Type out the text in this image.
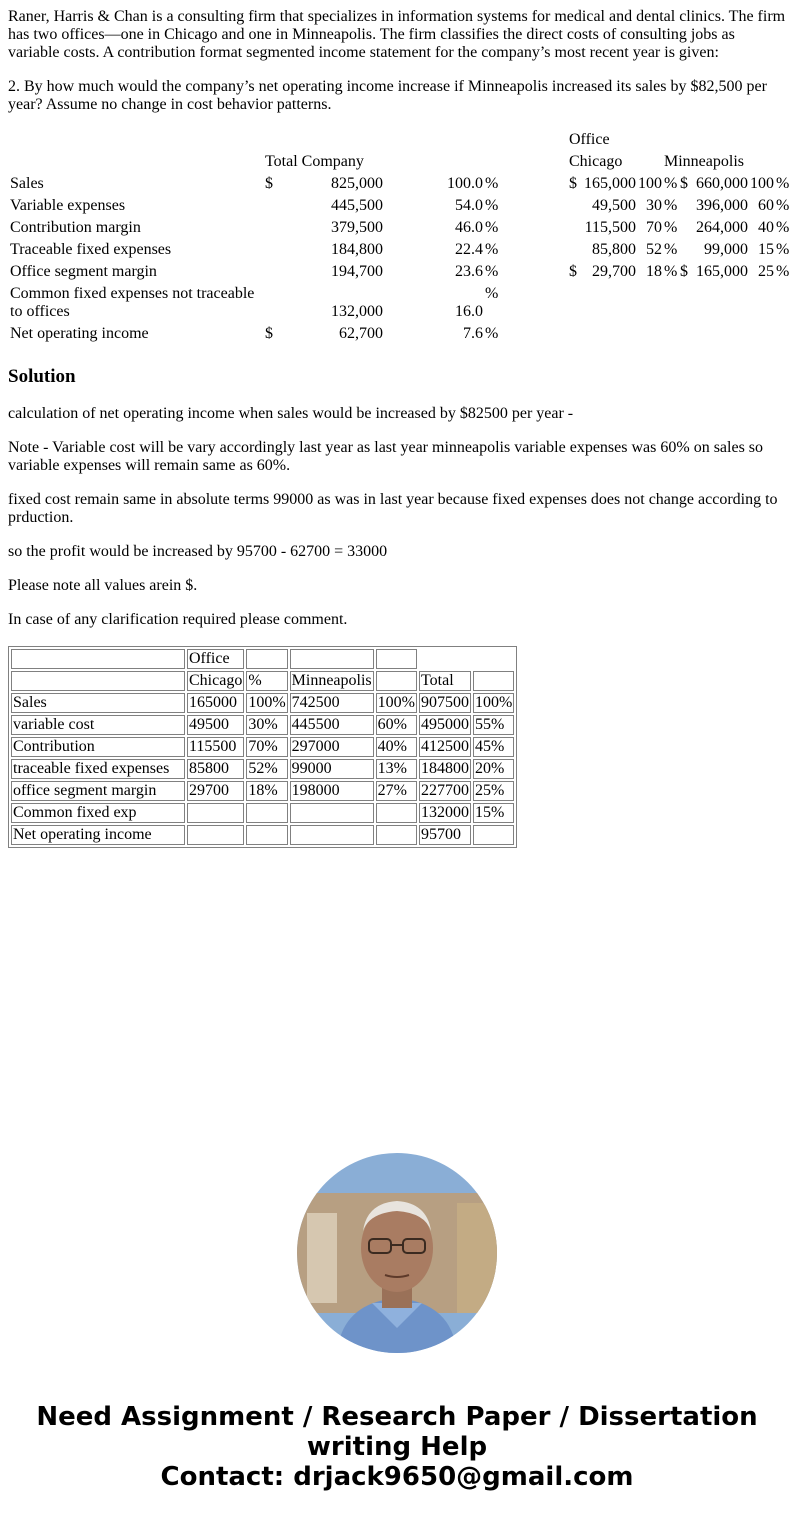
Raner, Harris & Chan is a consulting firm that specializes in information systems for medical and dental clinics. The firm has two offices—one in Chicago and one in Minneapolis. The firm classifies the direct costs of consulting jobs as variable costs. A contribution format segmented income statement for the company’s most recent year is given:

2. By how much would the company’s net operating income increase if Minneapolis increased its sales by $82,500 per year? Assume no change in cost behavior patterns.

					Office								
	Total Company				Chicago			Minneapolis					
Sales	$	825,000	100.0	%	$	165,000	100	%	$	660,000	100	%	
Variable expenses		445,500	54.0	%		49,500	30	%		396,000	60	%	
Contribution margin		379,500	46.0	%		115,500	70	%		264,000	40	%	
Traceable fixed expenses		184,800	22.4	%		85,800	52	%		99,000	15	%	
Office segment margin		194,700	23.6	%	$	29,700	18	%	$	165,000	25	%	
Common fixed expenses not traceable to offices		132,000	16.0	%									
Net operating income	$	62,700	7.6	%									
Solution

calculation of net operating income when sales would be increased by $82500 per year -

Note - Variable cost will be vary accordingly last year as last year minneapolis variable expenses was 60% on sales so variable expenses will remain same as 60%.

fixed cost remain same in absolute terms 99000 as was in last year because fixed expenses does not change according to prduction.

so the profit would be increased by 95700 - 62700 = 33000

Please note all values arein $.

In case of any clarification required please comment.

	Office					
	Chicago	%	Minneapolis		Total	
Sales	165000	100%	742500	100%	907500	100%
variable cost	49500	30%	445500	60%	495000	55%
Contribution	115500	70%	297000	40%	412500	45%
traceable fixed expenses	85800	52%	99000	13%	184800	20%
office segment margin	29700	18%	198000	27%	227700	25%
Common fixed exp					132000	15%
Net operating income					95700	
Need Assignment / Research Paper / Dissertation
writing Help
Contact: drjack9650@gmail.com
